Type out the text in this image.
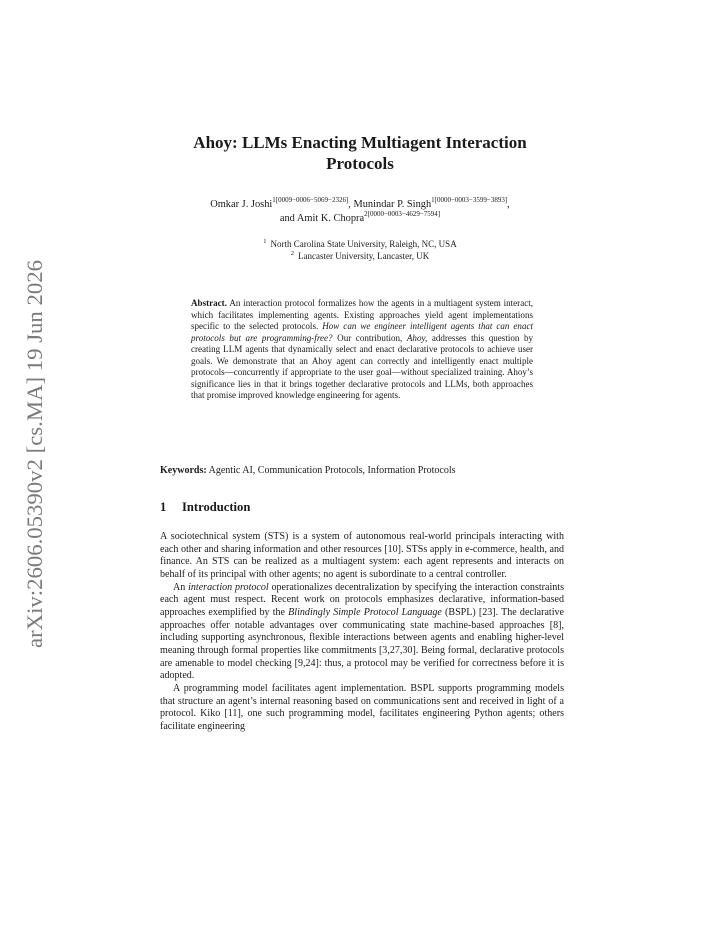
arXiv:2606.05390v2 [cs.MA] 19 Jun 2026
Ahoy: LLMs Enacting Multiagent Interaction
Protocols
Omkar J. Joshi$^{1[0009-0006-5069-2326]}$, Munindar P. Singh$^{1[0000-0003-3599-3893]}$,
and Amit K. Chopra$^{2[0000-0003-4629-7594]}$
$^1$ North Carolina State University, Raleigh, NC, USA
$^2$ Lancaster University, Lancaster, UK
Abstract. An interaction protocol formalizes how the agents in a multiagent system interact, which facilitates implementing agents. Existing approaches yield agent implementations specific to the selected protocols. How can we engineer intelligent agents that can enact protocols but are programming-free? Our contribution, Ahoy, addresses this question by creating LLM agents that dynamically select and enact declarative protocols to achieve user goals. We demonstrate that an Ahoy agent can correctly and intelligently enact multiple protocols—concurrently if appropriate to the user goal—without specialized training. Ahoy’s significance lies in that it brings together declarative protocols and LLMs, both approaches that promise improved knowledge engineering for agents.
Keywords: Agentic AI, Communication Protocols, Information Protocols
1 Introduction

A sociotechnical system (STS) is a system of autonomous real-world principals interacting with each other and sharing information and other resources [10]. STSs apply in e-commerce, health, and finance. An STS can be realized as a multiagent system: each agent represents and interacts on behalf of its principal with other agents; no agent is subordinate to a central controller.

An interaction protocol operationalizes decentralization by specifying the interaction constraints each agent must respect. Recent work on protocols emphasizes declarative, information-based approaches exemplified by the Blindingly Simple Protocol Language (BSPL) [23]. The declarative approaches offer notable advantages over communicating state machine-based approaches [8], including supporting asynchronous, flexible interactions between agents and enabling higher-level meaning through formal properties like commitments [3,27,30]. Being formal, declarative protocols are amenable to model checking [9,24]: thus, a protocol may be verified for correctness before it is adopted.

A programming model facilitates agent implementation. BSPL supports programming models that structure an agent’s internal reasoning based on communications sent and received in light of a protocol. Kiko [11], one such programming model, facilitates engineering Python agents; others facilitate engineering
